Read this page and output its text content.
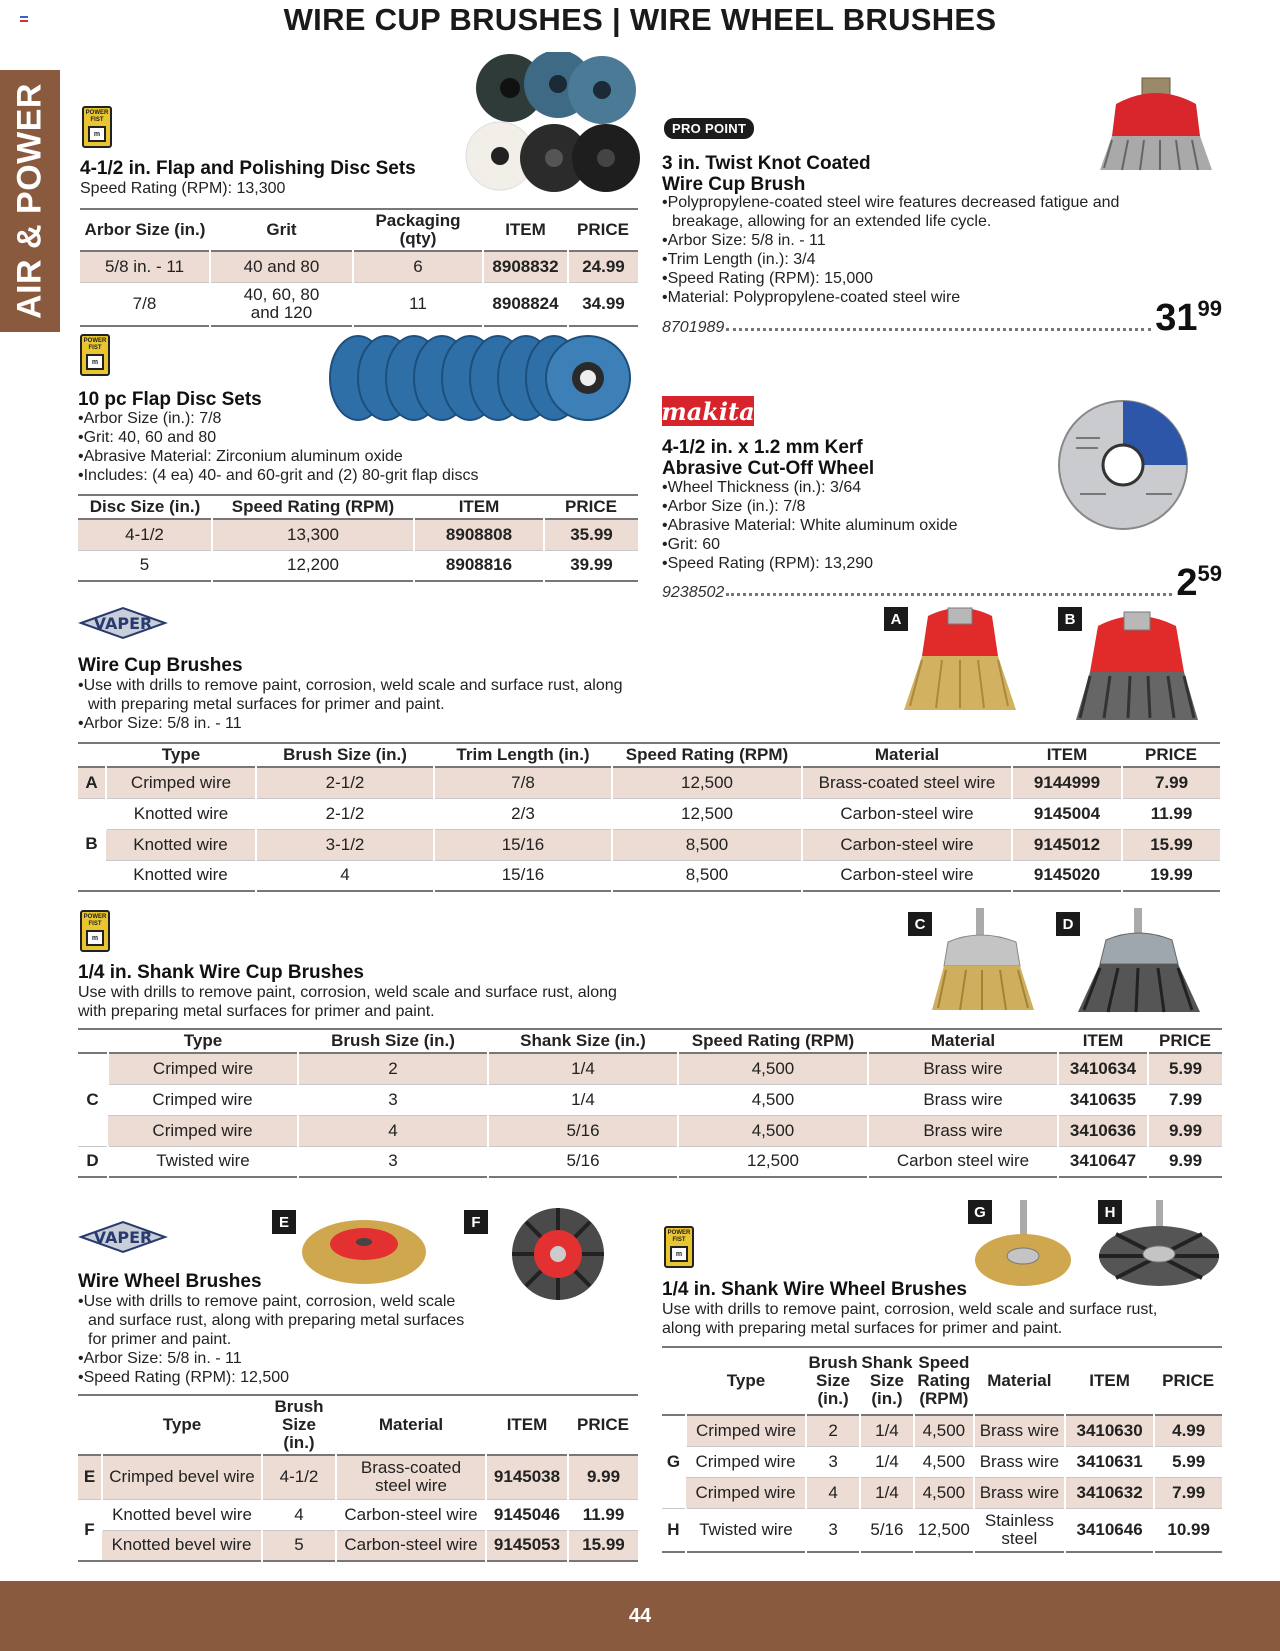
WIRE CUP BRUSHES | WIRE WHEEL BRUSHES
AIR & POWER	POWER FIST
m
4-1/2 in. Flap and Polishing Disc Sets
Speed Rating (RPM): 13,300
Arbor Size (in.)	Grit	Packaging (qty)	ITEM	PRICE
5/8 in. - 11	40 and 80	6	8908832	24.99
7/8	40, 60, 80 and 120	11	8908824	34.99
POWER FIST
m
10 pc Flap Disc Sets
•Arbor Size (in.): 7/8
•Grit: 40, 60 and 80
•Abrasive Material: Zirconium aluminum oxide
•Includes: (4 ea) 40- and 60-grit and (2) 80-grit flap discs
Disc Size (in.)	Speed Rating (RPM)	ITEM	PRICE
4-1/2	13,300	8908808	35.99
5	12,200	8908816	39.99
PRO POINT
3 in. Twist Knot Coated
Wire Cup Brush
•Polypropylene-coated steel wire features decreased fatigue and breakage, allowing for an extended life cycle.
•Arbor Size: 5/8 in. - 11
•Trim Length (in.): 3/4
•Speed Rating (RPM): 15,000
•Material: Polypropylene-coated steel wire
8701989	$31^{99}$
makita
4-1/2 in. x 1.2 mm Kerf
Abrasive Cut-Off Wheel
•Wheel Thickness (in.): 3/64
•Arbor Size (in.): 7/8
•Abrasive Material: White aluminum oxide
•Grit: 60
•Speed Rating (RPM): 13,290
9238502	$2^{59}$
VAPER	A	B
Wire Cup Brushes
•Use with drills to remove paint, corrosion, weld scale and surface rust, along with preparing metal surfaces for primer and paint.
•Arbor Size: 5/8 in. - 11
	Type	Brush Size (in.)	Trim Length (in.)	Speed Rating (RPM)	Material	ITEM	PRICE
A	Crimped wire	2-1/2	7/8	12,500	Brass-coated steel wire	9144999	7.99
B	Knotted wire	2-1/2	2/3	12,500	Carbon-steel wire	9145004	11.99
	Knotted wire	3-1/2	15/16	8,500	Carbon-steel wire	9145012	15.99
	Knotted wire	4	15/16	8,500	Carbon-steel wire	9145020	19.99
POWER FIST
m
C	D
1/4 in. Shank Wire Cup Brushes
Use with drills to remove paint, corrosion, weld scale and surface rust, along with preparing metal surfaces for primer and paint.
	Type	Brush Size (in.)	Shank Size (in.)	Speed Rating (RPM)	Material	ITEM	PRICE
C	Crimped wire	2	1/4	4,500	Brass wire	3410634	5.99
	Crimped wire	3	1/4	4,500	Brass wire	3410635	7.99
	Crimped wire	4	5/16	4,500	Brass wire	3410636	9.99
D	Twisted wire	3	5/16	12,500	Carbon steel wire	3410647	9.99
VAPER
E	F
Wire Wheel Brushes
•Use with drills to remove paint, corrosion, weld scale and surface rust, along with preparing metal surfaces for primer and paint.
•Arbor Size: 5/8 in. - 11
•Speed Rating (RPM): 12,500
	Type	Brush Size (in.)	Material	ITEM	PRICE
E	Crimped bevel wire	4-1/2	Brass-coated steel wire	9145038	9.99
F	Knotted bevel wire	4	Carbon-steel wire	9145046	11.99
	Knotted bevel wire	5	Carbon-steel wire	9145053	15.99
POWER FIST
m
G	H
1/4 in. Shank Wire Wheel Brushes
Use with drills to remove paint, corrosion, weld scale and surface rust, along with preparing metal surfaces for primer and paint.
	Type	Brush Size (in.)	Shank Size (in.)	Speed Rating (RPM)	Material	ITEM	PRICE
G	Crimped wire	2	1/4	4,500	Brass wire	3410630	4.99
	Crimped wire	3	1/4	4,500	Brass wire	3410631	5.99
	Crimped wire	4	1/4	4,500	Brass wire	3410632	7.99
H	Twisted wire	3	5/16	12,500	Stainless steel	3410646	10.99
44
